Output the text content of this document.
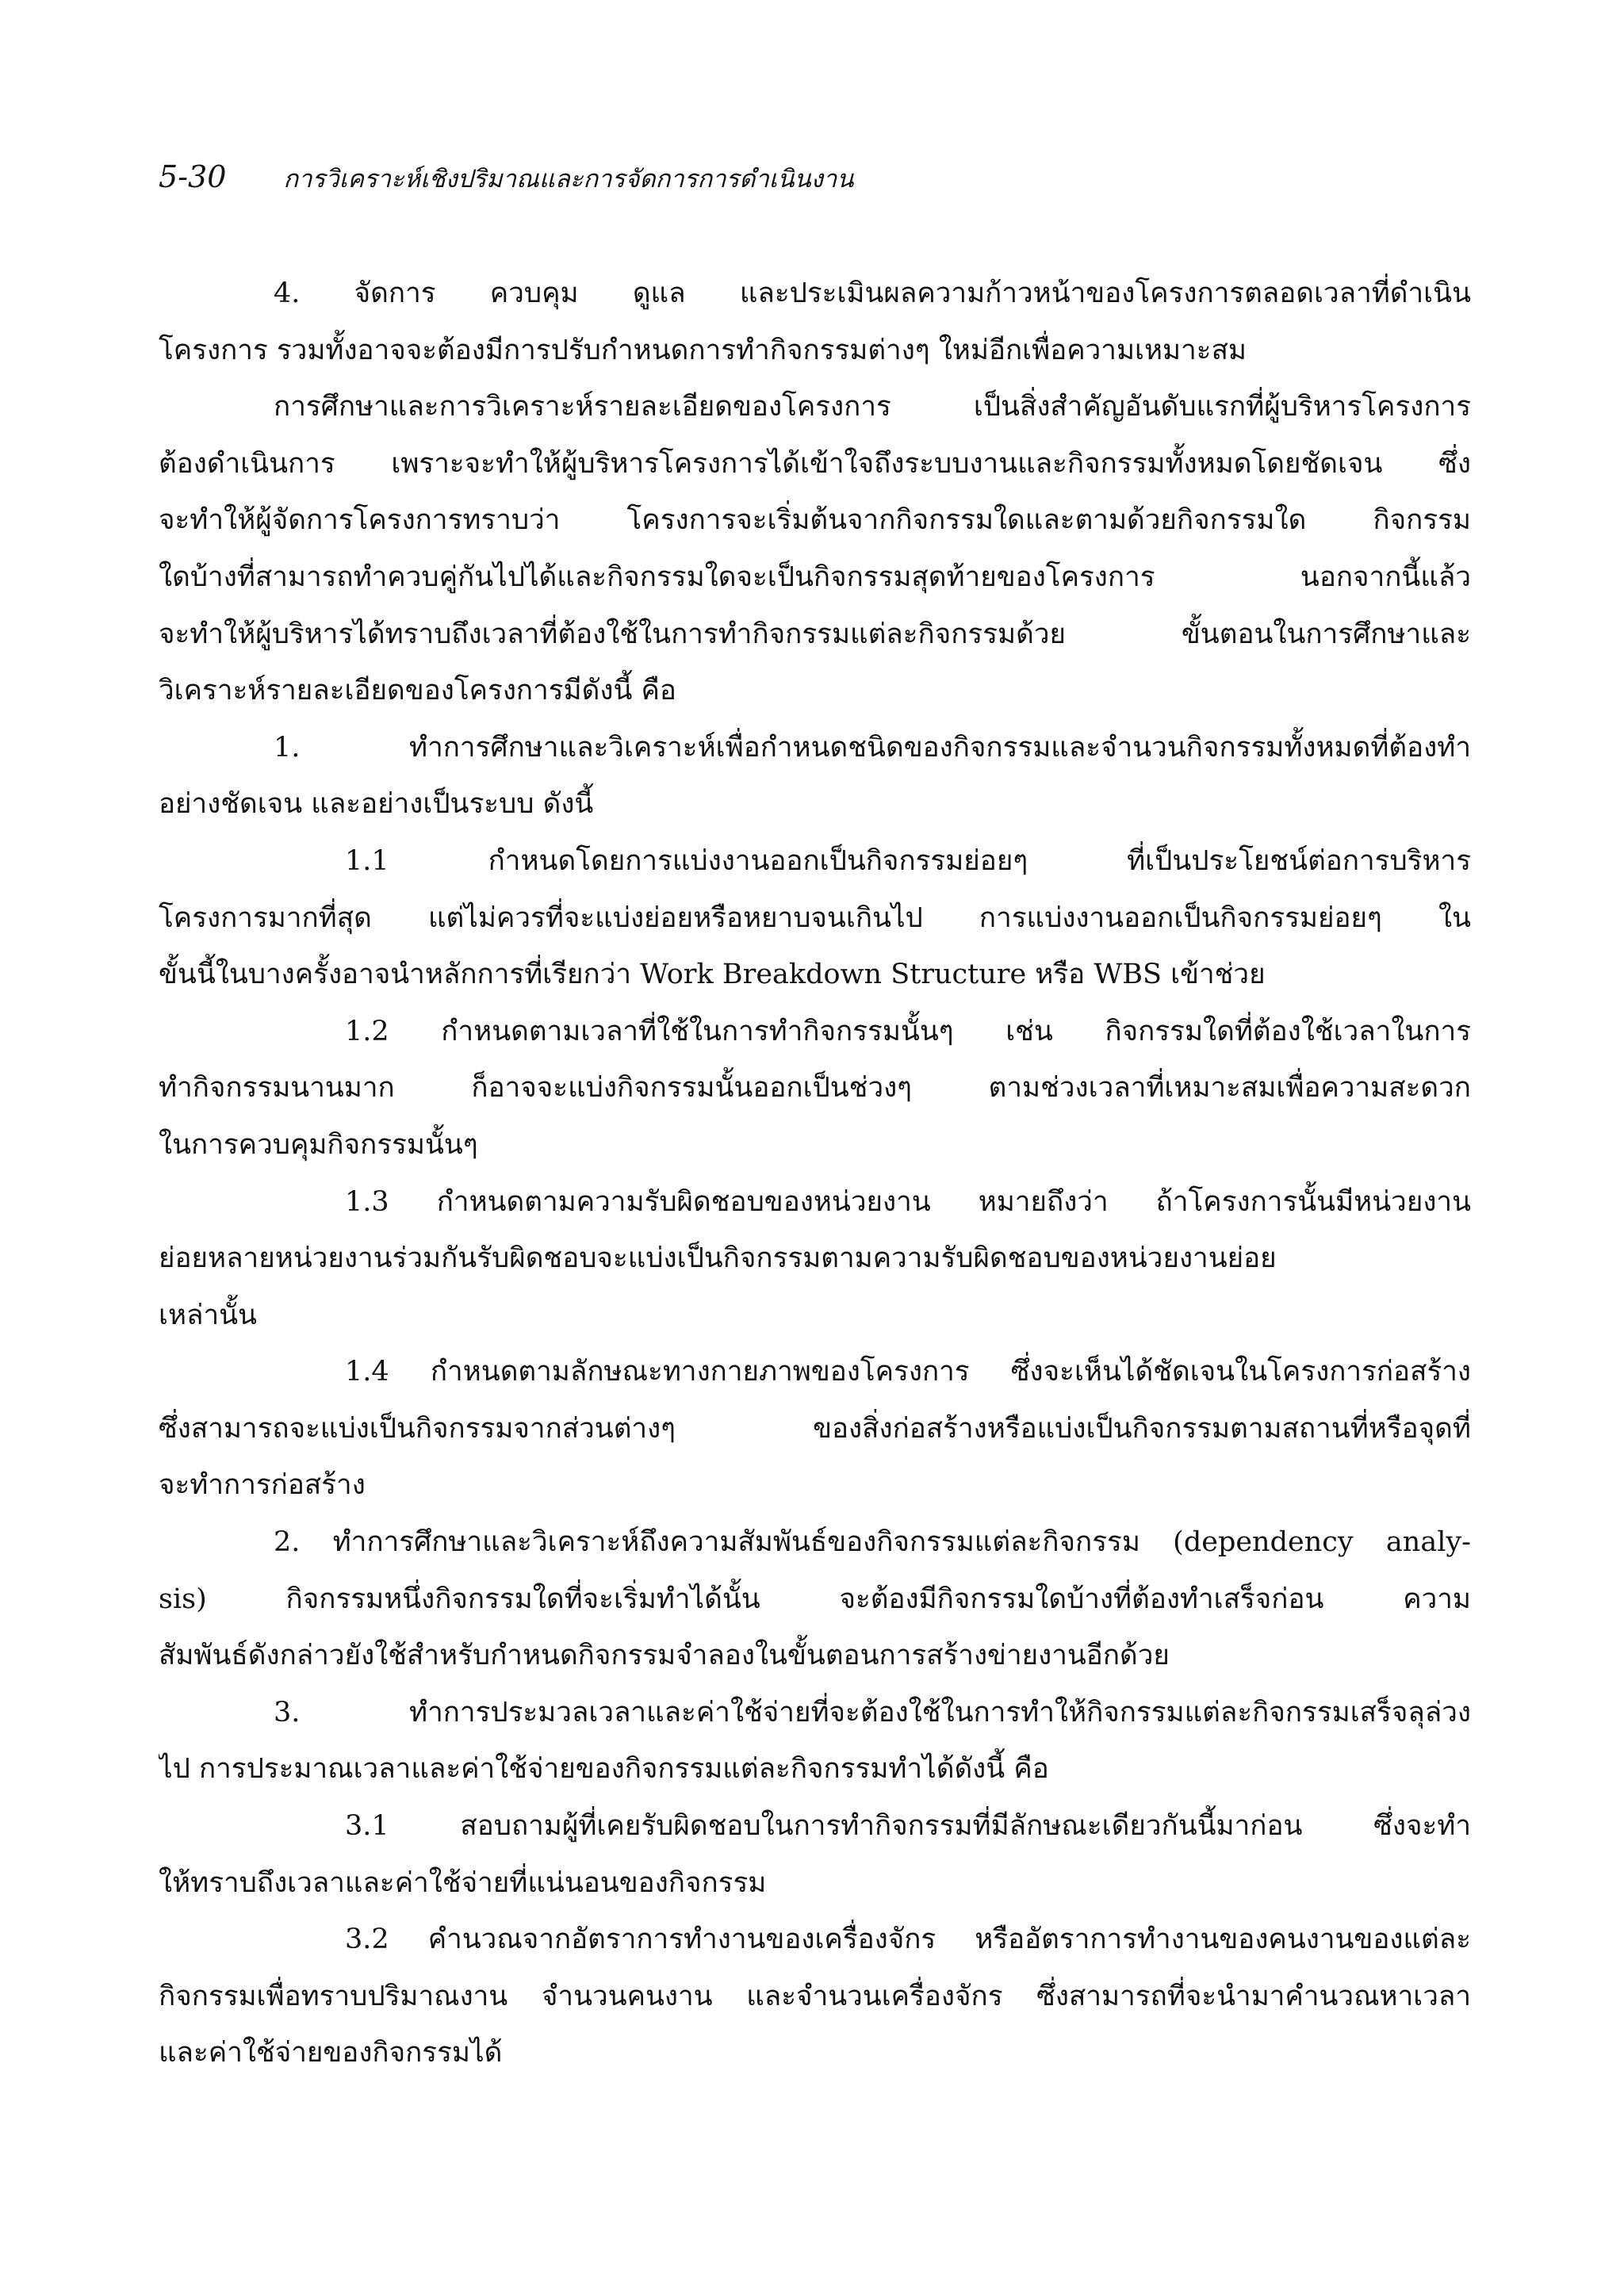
5-30 การวิเคราะห์เชิงปริมาณและการจัดการการดำเนินงาน
4. จัดการ ควบคุม ดูแล และประเมินผลความก้าวหน้าของโครงการตลอดเวลาที่ดำเนิน
โครงการ รวมทั้งอาจจะต้องมีการปรับกำหนดการทำกิจกรรมต่างๆ ใหม่อีกเพื่อความเหมาะสม
การศึกษาและการวิเคราะห์รายละเอียดของโครงการ เป็นสิ่งสำคัญอันดับแรกที่ผู้บริหารโครงการ
ต้องดำเนินการ เพราะจะทำให้ผู้บริหารโครงการได้เข้าใจถึงระบบงานและกิจกรรมทั้งหมดโดยชัดเจน ซึ่ง
จะทำให้ผู้จัดการโครงการทราบว่า โครงการจะเริ่มต้นจากกิจกรรมใดและตามด้วยกิจกรรมใด กิจกรรม
ใดบ้างที่สามารถทำควบคู่กันไปได้และกิจกรรมใดจะเป็นกิจกรรมสุดท้ายของโครงการ นอกจากนี้แล้ว
จะทำให้ผู้บริหารได้ทราบถึงเวลาที่ต้องใช้ในการทำกิจกรรมแต่ละกิจกรรมด้วย ขั้นตอนในการศึกษาและ
วิเคราะห์รายละเอียดของโครงการมีดังนี้ คือ
1. ทำการศึกษาและวิเคราะห์เพื่อกำหนดชนิดของกิจกรรมและจำนวนกิจกรรมทั้งหมดที่ต้องทำ
อย่างชัดเจน และอย่างเป็นระบบ ดังนี้
1.1 กำหนดโดยการแบ่งงานออกเป็นกิจกรรมย่อยๆ ที่เป็นประโยชน์ต่อการบริหาร
โครงการมากที่สุด แต่ไม่ควรที่จะแบ่งย่อยหรือหยาบจนเกินไป การแบ่งงานออกเป็นกิจกรรมย่อยๆ ใน
ขั้นนี้ในบางครั้งอาจนำหลักการที่เรียกว่า Work Breakdown Structure หรือ WBS เข้าช่วย
1.2 กำหนดตามเวลาที่ใช้ในการทำกิจกรรมนั้นๆ เช่น กิจกรรมใดที่ต้องใช้เวลาในการ
ทำกิจกรรมนานมาก ก็อาจจะแบ่งกิจกรรมนั้นออกเป็นช่วงๆ ตามช่วงเวลาที่เหมาะสมเพื่อความสะดวก
ในการควบคุมกิจกรรมนั้นๆ
1.3 กำหนดตามความรับผิดชอบของหน่วยงาน หมายถึงว่า ถ้าโครงการนั้นมีหน่วยงาน
ย่อยหลายหน่วยงานร่วมกันรับผิดชอบจะแบ่งเป็นกิจกรรมตามความรับผิดชอบของหน่วยงานย่อย
เหล่านั้น
1.4 กำหนดตามลักษณะทางกายภาพของโครงการ ซึ่งจะเห็นได้ชัดเจนในโครงการก่อสร้าง
ซึ่งสามารถจะแบ่งเป็นกิจกรรมจากส่วนต่างๆ ของสิ่งก่อสร้างหรือแบ่งเป็นกิจกรรมตามสถานที่หรือจุดที่
จะทำการก่อสร้าง
2. ทำการศึกษาและวิเคราะห์ถึงความสัมพันธ์ของกิจกรรมแต่ละกิจกรรม (dependency analy-
sis) กิจกรรมหนึ่งกิจกรรมใดที่จะเริ่มทำได้นั้น จะต้องมีกิจกรรมใดบ้างที่ต้องทำเสร็จก่อน ความ
สัมพันธ์ดังกล่าวยังใช้สำหรับกำหนดกิจกรรมจำลองในขั้นตอนการสร้างข่ายงานอีกด้วย
3. ทำการประมวลเวลาและค่าใช้จ่ายที่จะต้องใช้ในการทำให้กิจกรรมแต่ละกิจกรรมเสร็จลุล่วง
ไป การประมาณเวลาและค่าใช้จ่ายของกิจกรรมแต่ละกิจกรรมทำได้ดังนี้ คือ
3.1 สอบถามผู้ที่เคยรับผิดชอบในการทำกิจกรรมที่มีลักษณะเดียวกันนี้มาก่อน ซึ่งจะทำ
ให้ทราบถึงเวลาและค่าใช้จ่ายที่แน่นอนของกิจกรรม
3.2 คำนวณจากอัตราการทำงานของเครื่องจักร หรืออัตราการทำงานของคนงานของแต่ละ
กิจกรรมเพื่อทราบปริมาณงาน จำนวนคนงาน และจำนวนเครื่องจักร ซึ่งสามารถที่จะนำมาคำนวณหาเวลา
และค่าใช้จ่ายของกิจกรรมได้
